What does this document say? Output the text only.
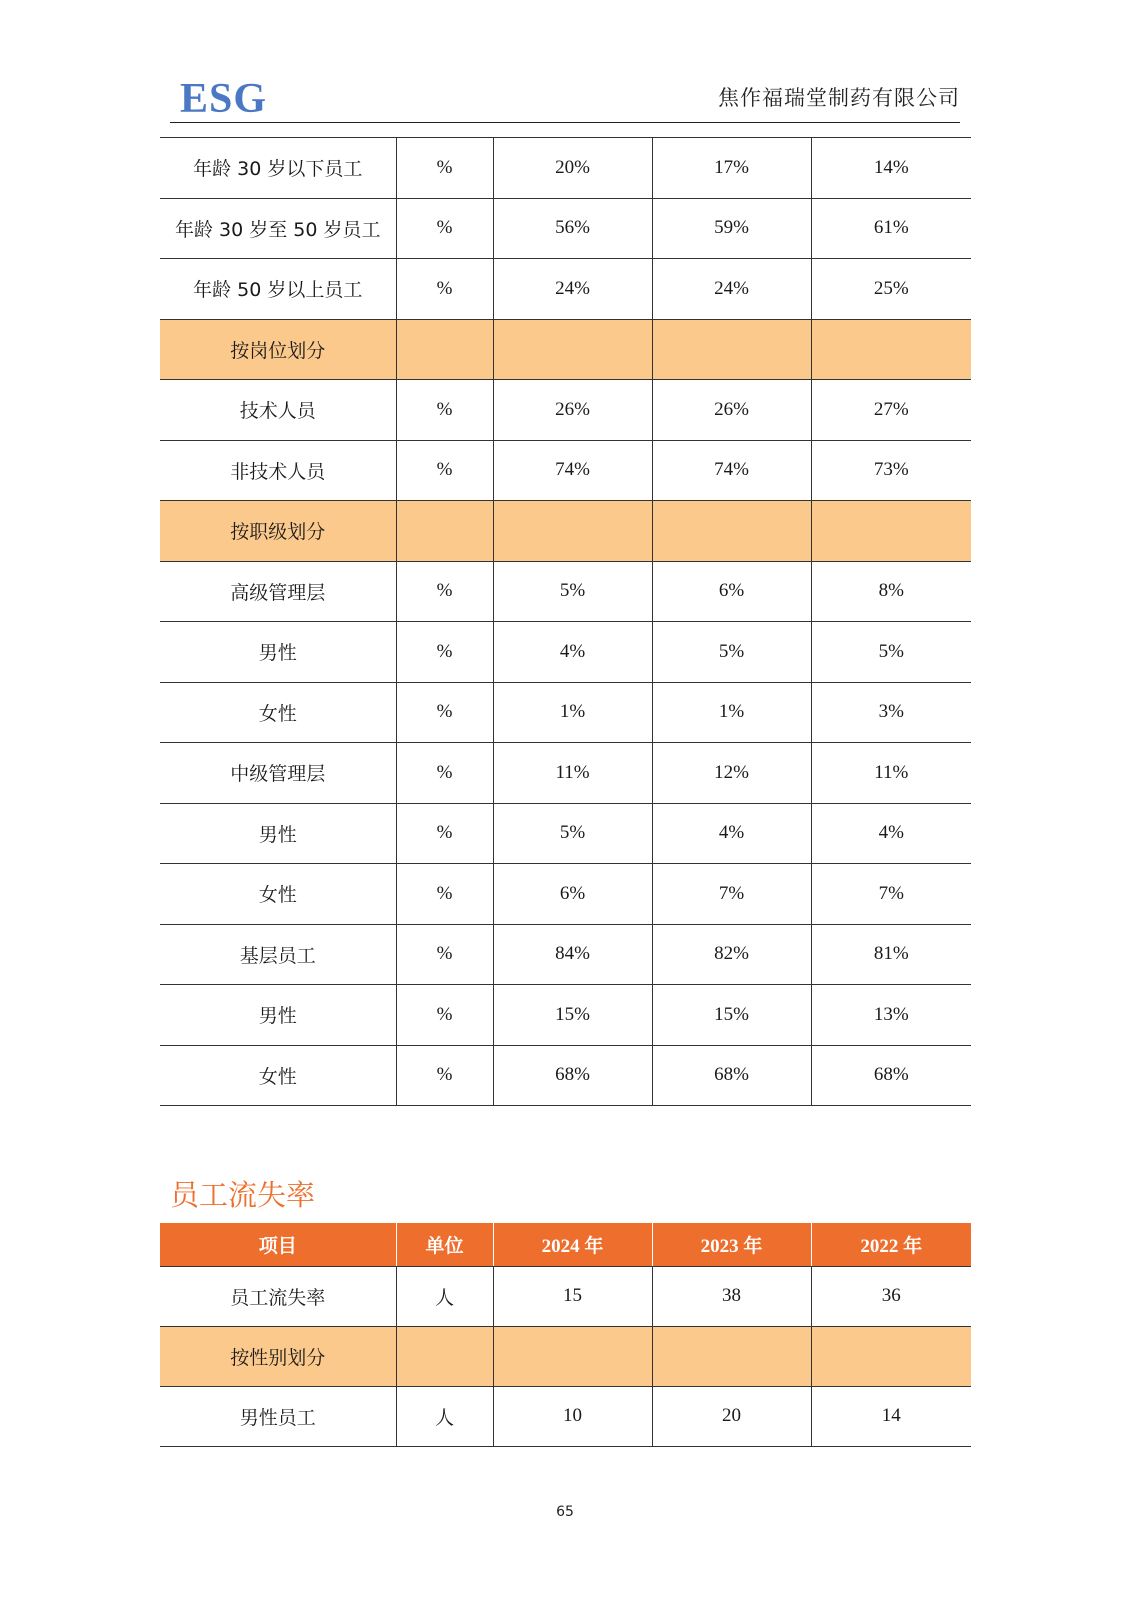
ESG	焦作福瑞堂制药有限公司
年龄 30 岁以下员工	%	20%	17%	14%
年龄 30 岁至 50 岁员工	%	56%	59%	61%
年龄 50 岁以上员工	%	24%	24%	25%
按岗位划分				
技术人员	%	26%	26%	27%
非技术人员	%	74%	74%	73%
按职级划分				
高级管理层	%	5%	6%	8%
男性	%	4%	5%	5%
女性	%	1%	1%	3%
中级管理层	%	11%	12%	11%
男性	%	5%	4%	4%
女性	%	6%	7%	7%
基层员工	%	84%	82%	81%
男性	%	15%	15%	13%
女性	%	68%	68%	68%
员工流失率
项目	单位	2024 年	2023 年	2022 年
员工流失率	人	15	38	36
按性别划分				
男性员工	人	10	20	14
65
